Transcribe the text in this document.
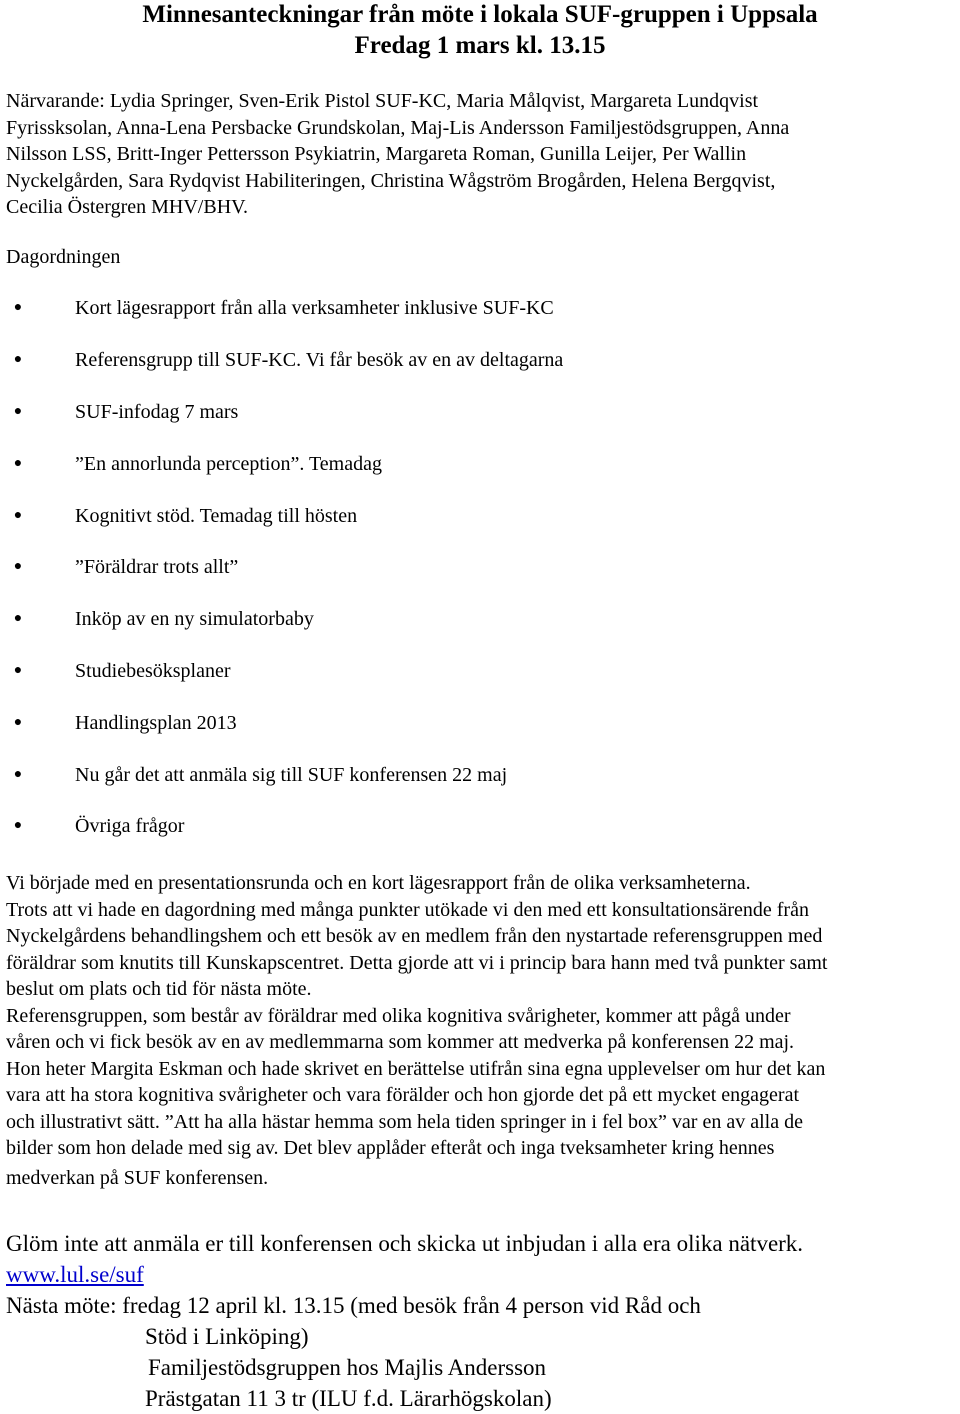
Minnesanteckningar från möte i lokala SUF-gruppen i Uppsala
Fredag 1 mars kl. 13.15
Närvarande: Lydia Springer, Sven-Erik Pistol SUF-KC, Maria Målqvist, Margareta Lundqvist
Fyrissksolan, Anna-Lena Persbacke Grundskolan, Maj-Lis Andersson Familjestödsgruppen, Anna
Nilsson LSS, Britt-Inger Pettersson Psykiatrin, Margareta Roman, Gunilla Leijer, Per Wallin
Nyckelgården, Sara Rydqvist Habiliteringen, Christina Wågström Brogården, Helena Bergqvist,
Cecilia Östergren MHV/BHV.
Dagordningen
●	Kort lägesrapport från alla verksamheter inklusive SUF-KC
●	Referensgrupp till SUF-KC. Vi får besök av en av deltagarna
●	SUF-infodag 7 mars
●	”En annorlunda perception”. Temadag
●	Kognitivt stöd. Temadag till hösten
●	”Föräldrar trots allt”
●	Inköp av en ny simulatorbaby
●	Studiebesöksplaner
●	Handlingsplan 2013
●	Nu går det att anmäla sig till SUF konferensen 22 maj
●	Övriga frågor
Vi började med en presentationsrunda och en kort lägesrapport från de olika verksamheterna.
Trots att vi hade en dagordning med många punkter utökade vi den med ett konsultationsärende från
Nyckelgårdens behandlingshem och ett besök av en medlem från den nystartade referensgruppen med
föräldrar som knutits till Kunskapscentret. Detta gjorde att vi i princip bara hann med två punkter samt
beslut om plats och tid för nästa möte.
Referensgruppen, som består av föräldrar med olika kognitiva svårigheter, kommer att pågå under
våren och vi fick besök av en av medlemmarna som kommer att medverka på konferensen 22 maj.
Hon heter Margita Eskman och hade skrivet en berättelse utifrån sina egna upplevelser om hur det kan
vara att ha stora kognitiva svårigheter och vara förälder och hon gjorde det på ett mycket engagerat
och illustrativt sätt. ”Att ha alla hästar hemma som hela tiden springer in i fel box” var en av alla de
bilder som hon delade med sig av. Det blev applåder efteråt och inga tveksamheter kring hennes
medverkan på SUF konferensen.
Glöm inte att anmäla er till konferensen och skicka ut inbjudan i alla era olika nätverk.
www.lul.se/suf
Nästa möte: fredag 12 april kl. 13.15 (med besök från 4 person vid Råd och
Stöd i Linköping)
Familjestödsgruppen hos Majlis Andersson
Prästgatan 11 3 tr (ILU f.d. Lärarhögskolan)
